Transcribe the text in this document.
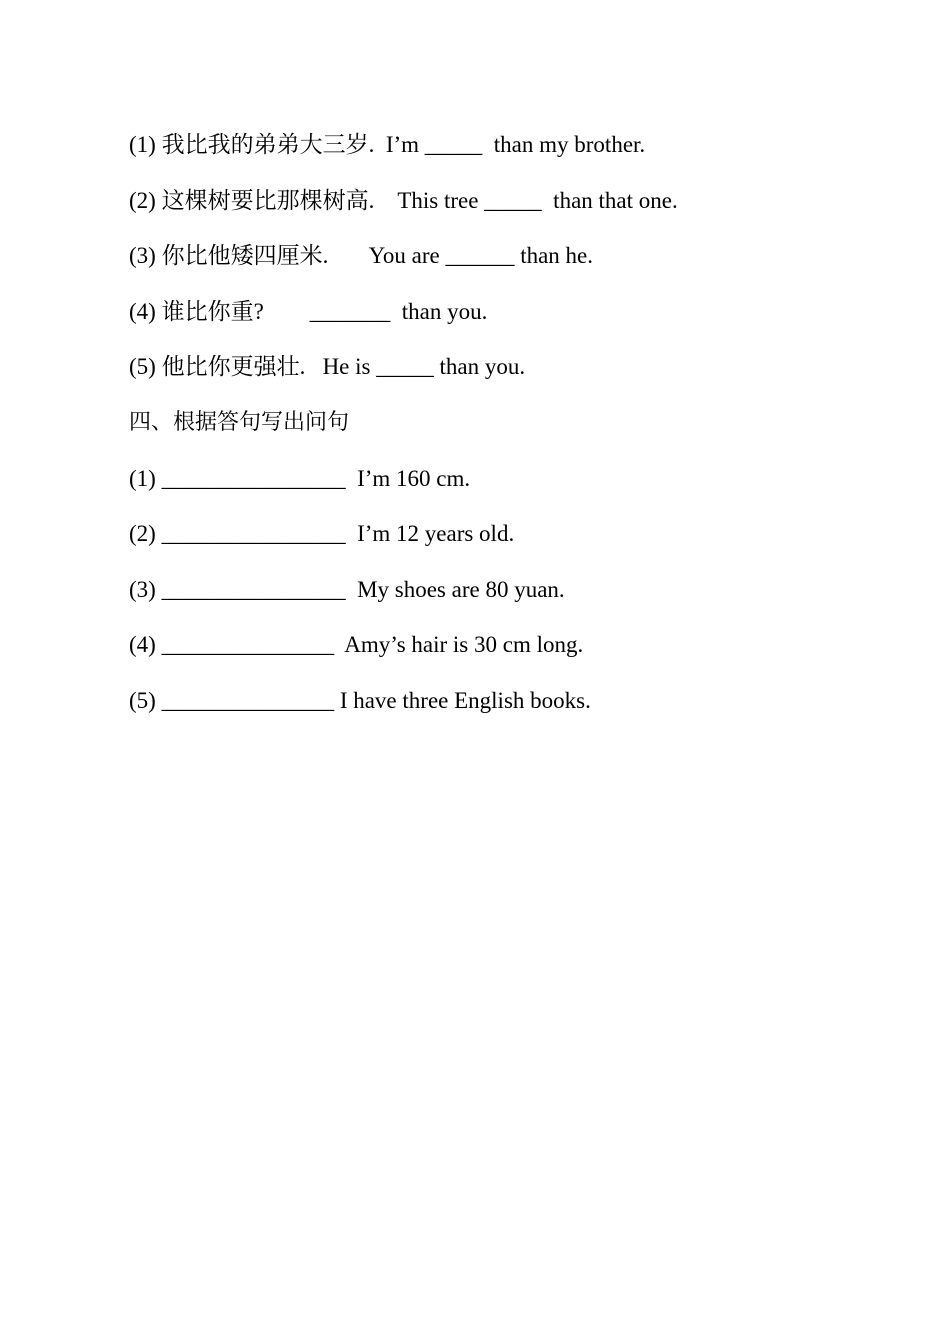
(1) 我比我的弟弟大三岁.  I’m _____  than my brother.
(2) 这棵树要比那棵树高.    This tree _____  than that one.
(3) 你比他矮四厘米.       You are ______ than he.
(4) 谁比你重?        _______  than you.
(5) 他比你更强壮.   He is _____ than you.
四、根据答句写出问句
(1) ________________  I’m 160 cm.
(2) ________________  I’m 12 years old.
(3) ________________  My shoes are 80 yuan.
(4) _______________  Amy’s hair is 30 cm long.
(5) _______________ I have three English books.
